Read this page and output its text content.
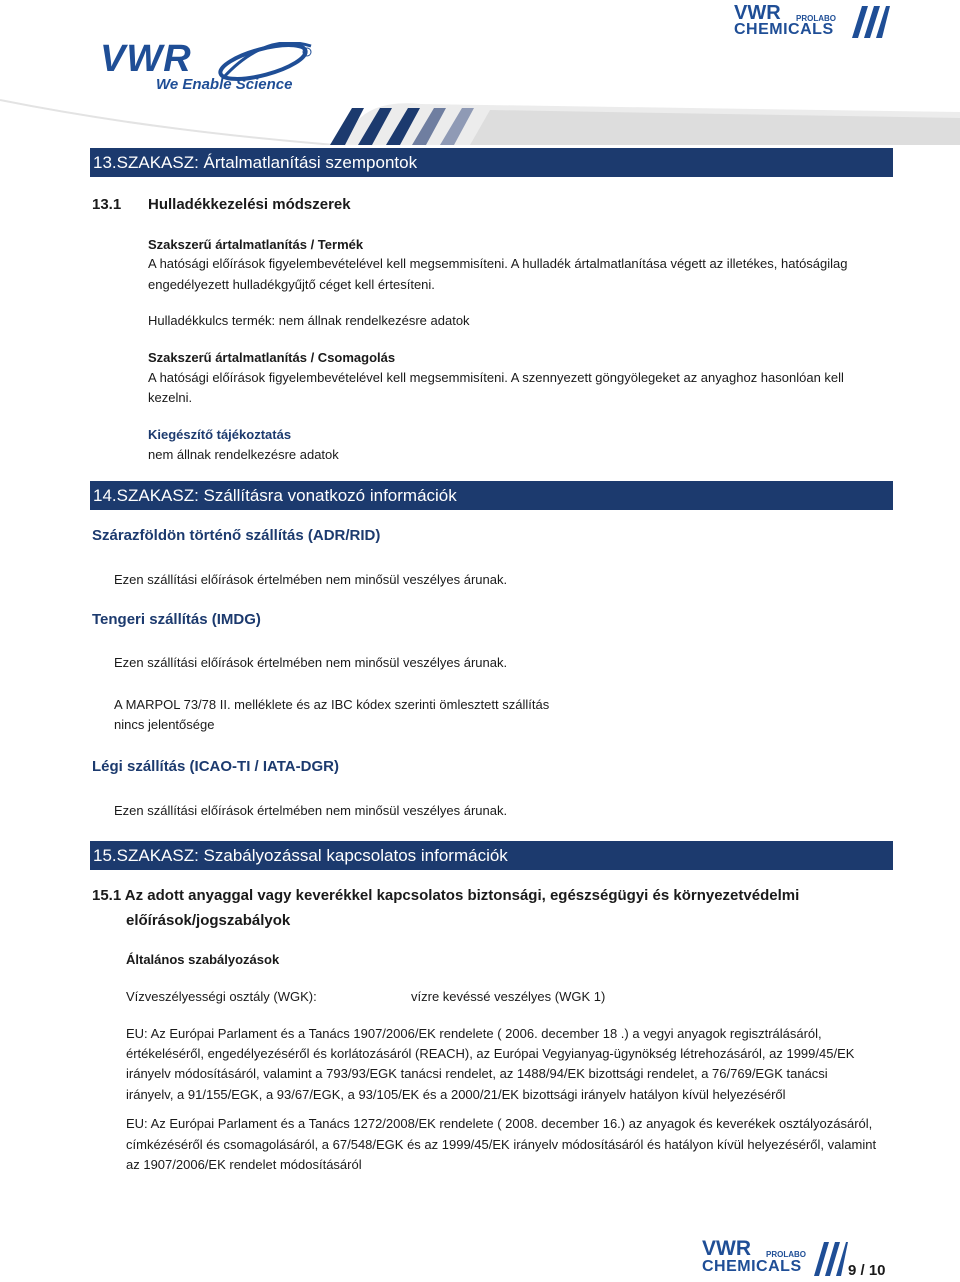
VWR
We Enable Science
VWR PROLABO
CHEMICALS
13.SZAKASZ: Ártalmatlanítási szempontok
13.1 Hulladékkezelési módszerek
Szakszerű ártalmatlanítás / Termék
A hatósági előírások figyelembevételével kell megsemmisíteni. A hulladék ártalmatlanítása végett az illetékes, hatóságilag
engedélyezett hulladékgyűjtő céget kell értesíteni.
Hulladékkulcs termék: nem állnak rendelkezésre adatok
Szakszerű ártalmatlanítás / Csomagolás
A hatósági előírások figyelembevételével kell megsemmisíteni. A szennyezett göngyölegeket az anyaghoz hasonlóan kell
kezelni.
Kiegészítő tájékoztatás
nem állnak rendelkezésre adatok
14.SZAKASZ: Szállításra vonatkozó információk
Szárazföldön történő szállítás (ADR/RID)
Ezen szállítási előírások értelmében nem minősül veszélyes árunak.
Tengeri szállítás (IMDG)
Ezen szállítási előírások értelmében nem minősül veszélyes árunak.
A MARPOL 73/78 II. melléklete és az IBC kódex szerinti ömlesztett szállítás
nincs jelentősége
Légi szállítás (ICAO-TI / IATA-DGR)
Ezen szállítási előírások értelmében nem minősül veszélyes árunak.
15.SZAKASZ: Szabályozással kapcsolatos információk
15.1 Az adott anyaggal vagy keverékkel kapcsolatos biztonsági, egészségügyi és környezetvédelmi
előírások/jogszabályok
Általános szabályozások
Vízveszélyességi osztály (WGK):	vízre kevéssé veszélyes (WGK 1)
EU: Az Európai Parlament és a Tanács 1907/2006/EK rendelete ( 2006. december 18 .) a vegyi anyagok regisztrálásáról,
értékeléséről, engedélyezéséről és korlátozásáról (REACH), az Európai Vegyianyag-ügynökség létrehozásáról, az 1999/45/EK
irányelv módosításáról, valamint a 793/93/EGK tanácsi rendelet, az 1488/94/EK bizottsági rendelet, a 76/769/EGK tanácsi
irányelv, a 91/155/EGK, a 93/67/EGK, a 93/105/EK és a 2000/21/EK bizottsági irányelv hatályon kívül helyezéséről
EU: Az Európai Parlament és a Tanács 1272/2008/EK rendelete ( 2008. december 16.) az anyagok és keverékek osztályozásáról,
címkézéséről és csomagolásáról, a 67/548/EGK és az 1999/45/EK irányelv módosításáról és hatályon kívül helyezéséről, valamint
az 1907/2006/EK rendelet módosításáról
VWR PROLABO
CHEMICALS	9 / 10
